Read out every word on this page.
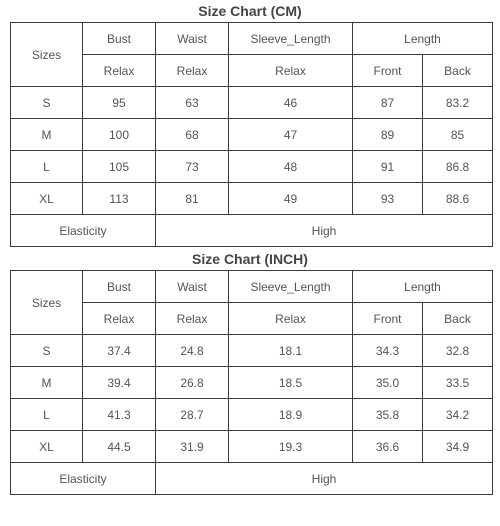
Size Chart (CM)
Sizes	Bust	Waist	Sleeve_Length	Length	
	Relax	Relax	Relax	Front	Back
S	95	63	46	87	83.2
M	100	68	47	89	85
L	105	73	48	91	86.8
XL	113	81	49	93	88.6
Elasticity		High			
Size Chart (INCH)
Sizes	Bust	Waist	Sleeve_Length	Length	
	Relax	Relax	Relax	Front	Back
S	37.4	24.8	18.1	34.3	32.8
M	39.4	26.8	18.5	35.0	33.5
L	41.3	28.7	18.9	35.8	34.2
XL	44.5	31.9	19.3	36.6	34.9
Elasticity		High			
